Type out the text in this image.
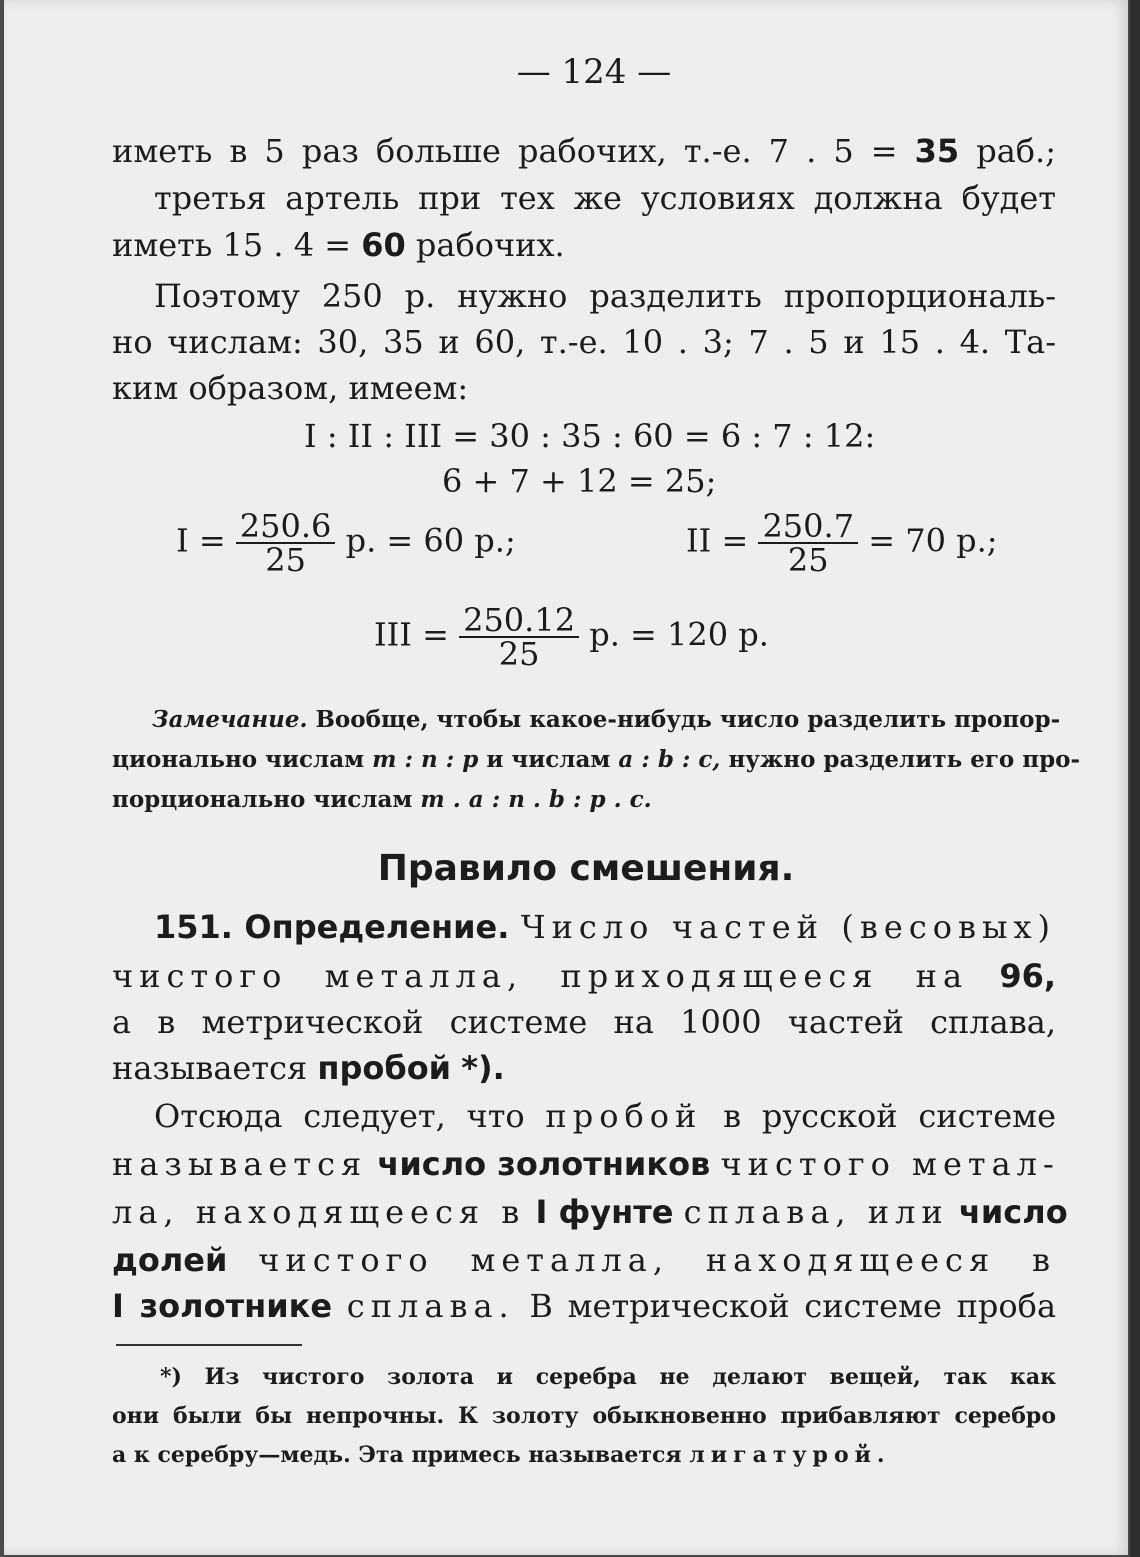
— 124 —
иметь в 5 раз больше рабочих, т.-е. 7 . 5 = 35 раб.;
третья артель при тех же условиях должна будет
иметь 15 . 4 = 60 рабочих.
Поэтому 250 р. нужно разделить пропорциональ-
но числам: 30, 35 и 60, т.-е. 10 . 3; 7 . 5 и 15 . 4. Та-
ким образом, имеем:
I : II : III = 30 : 35 : 60 = 6 : 7 : 12:
6 + 7 + 12 = 25;
$I = \frac{250.6}{25} р$. = 60 р.;	II = $\frac{250.7}{25} = 70$ р.;
III = $\frac{250.12}{25} р$. = 120 р.
Замечание. Вообще, чтобы какое-нибудь число разделить пропор-
ционально числам m : n : p и числам a : b : c, нужно разделить его про-
порционально числам m . a : n . b : p . c.
Правило смешения.
151. Определение. Число частей (весовых)
чистого металла, приходящееся на 96,
а в метрической системе на 1000 частей сплава,
называется пробой *).
Отсюда следует, что пробой в русской системе
называется число золотников чистого метал-
ла, находящееся в I фунте сплава, или число
долей чистого металла, находящееся в
I золотнике сплава. В метрической системе проба
*) Из чистого золота и серебра не делают вещей, так как
они были бы непрочны. К золоту обыкновенно прибавляют серебро
а к серебру—медь. Эта примесь называется лигатурой.
